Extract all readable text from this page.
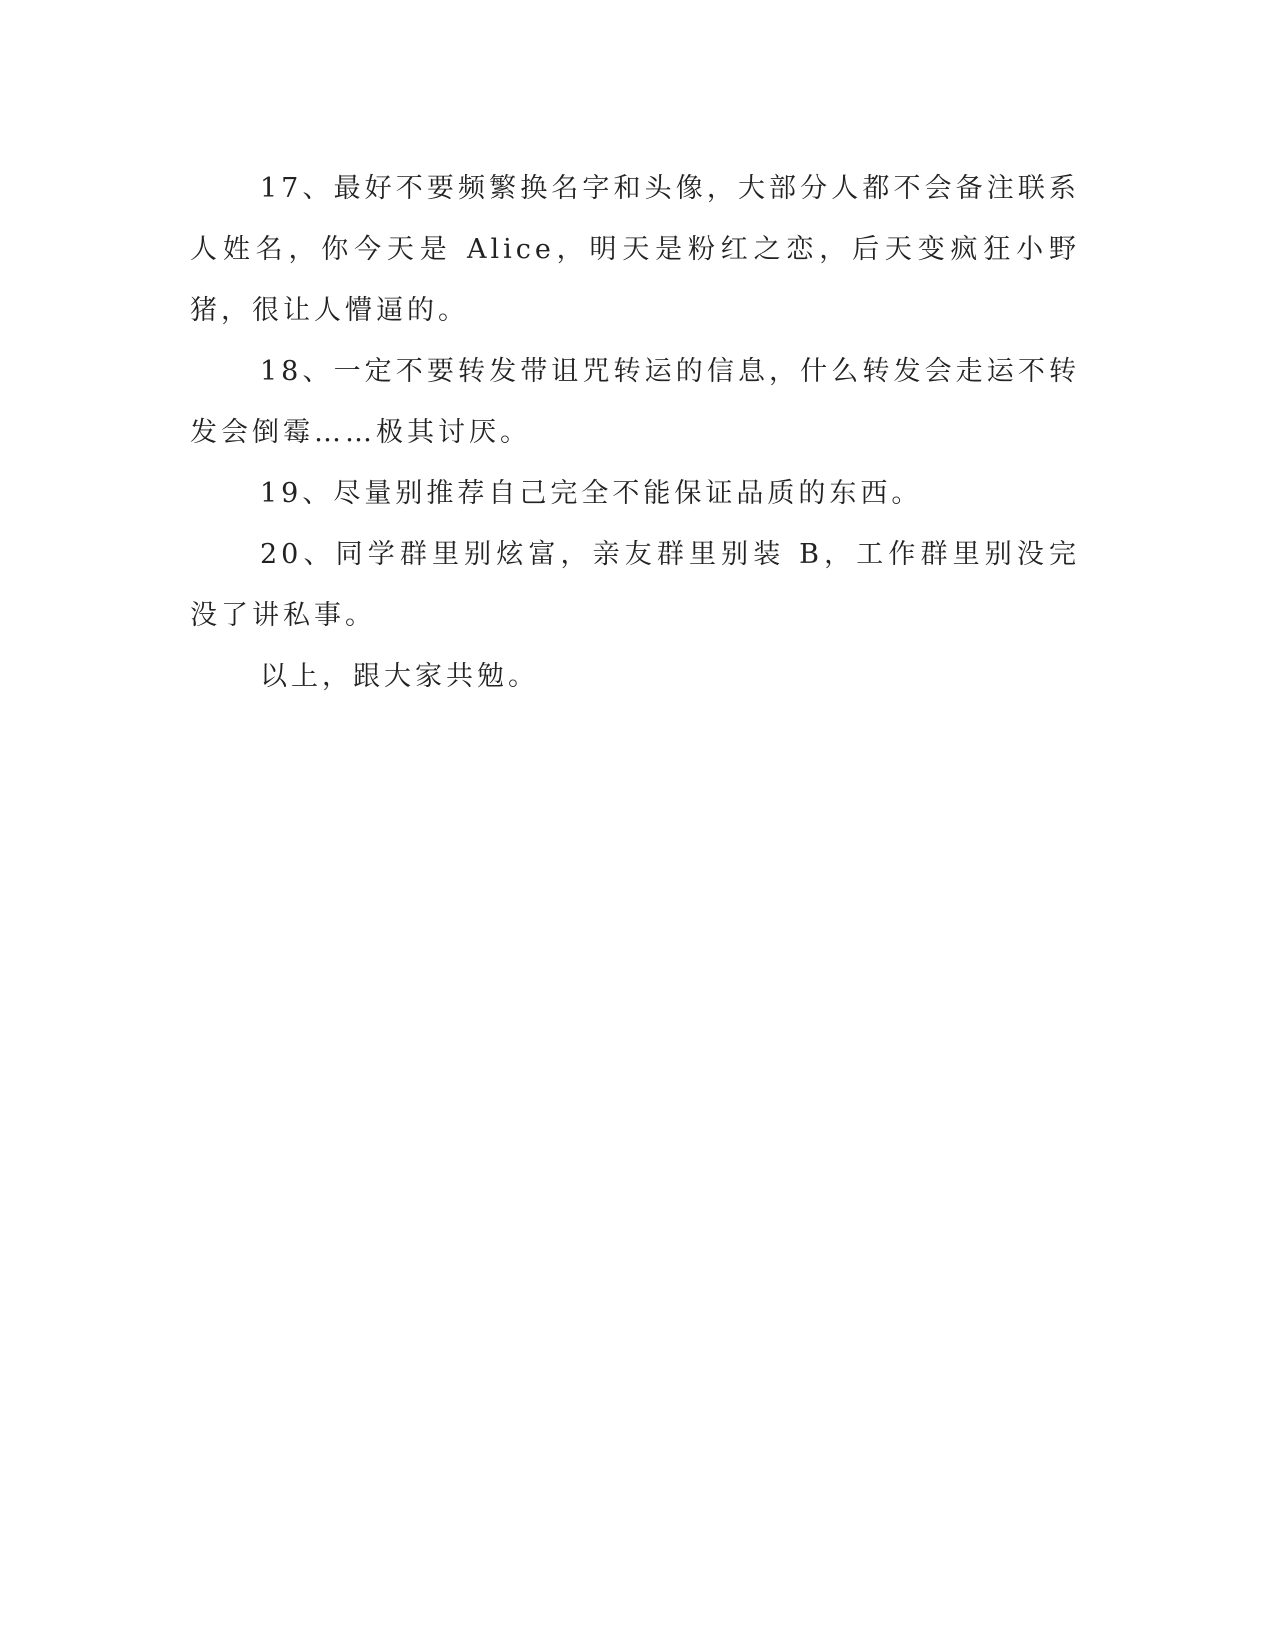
17、最好不要频繁换名字和头像，大部分人都不会备注联系人姓名，你今天是 Alice，明天是粉红之恋，后天变疯狂小野猪，很让人懵逼的。

18、一定不要转发带诅咒转运的信息，什么转发会走运不转发会倒霉……极其讨厌。

19、尽量别推荐自己完全不能保证品质的东西。

20、同学群里别炫富，亲友群里别装 B，工作群里别没完没了讲私事。

以上，跟大家共勉。
